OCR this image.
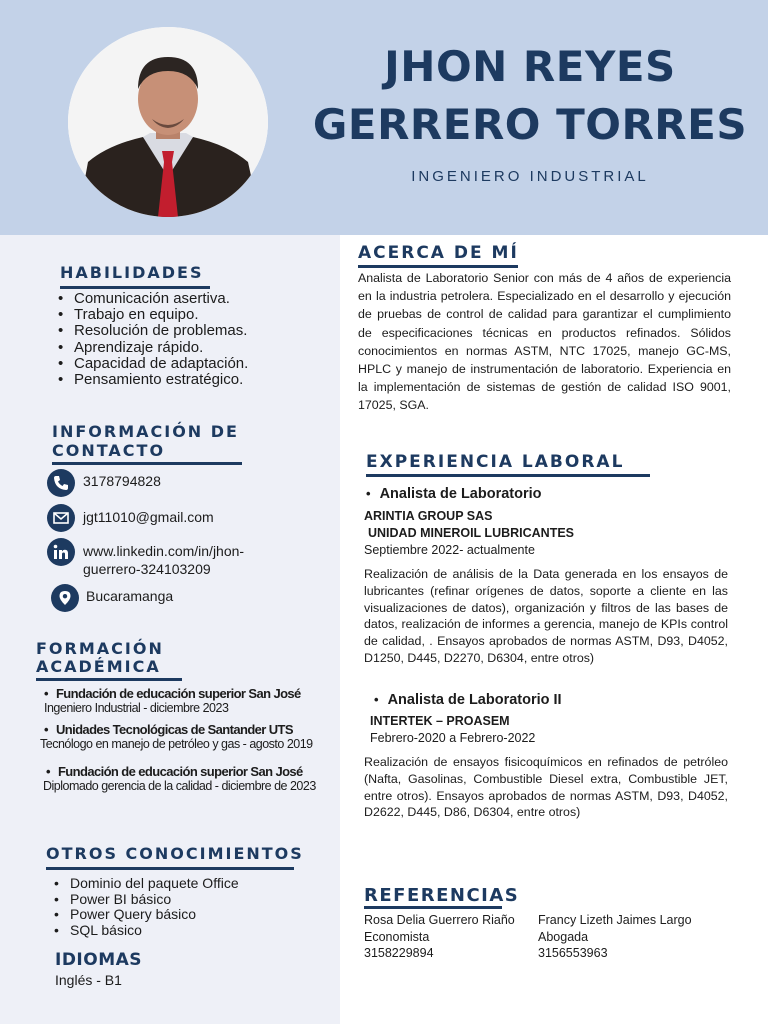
JHON REYES
GERRERO TORRES
INGENIERO INDUSTRIAL
HABILIDADES
• Comunicación asertiva.
• Trabajo en equipo.
• Resolución de problemas.
• Aprendizaje rápido.
• Capacidad de adaptación.
• Pensamiento estratégico.
INFORMACIÓN DE
CONTACTO
3178794828
jgt11010@gmail.com
www.linkedin.com/in/jhon-
guerrero-324103209
Bucaramanga
FORMACIÓN
ACADÉMICA
• Fundación de educación superior San José
Ingeniero Industrial - diciembre 2023
• Unidades Tecnológicas de Santander UTS
Tecnólogo en manejo de petróleo y gas - agosto 2019
• Fundación de educación superior San José
Diplomado gerencia de la calidad - diciembre de 2023
OTROS CONOCIMIENTOS
• Dominio del paquete Office
• Power BI básico
• Power Query básico
• SQL básico
IDIOMAS
Inglés - B1
ACERCA DE MÍ
Analista de Laboratorio Senior con más de 4 años de experiencia en la industria petrolera. Especializado en el desarrollo y ejecución de pruebas de control de calidad para garantizar el cumplimiento de especificaciones técnicas en productos refinados. Sólidos conocimientos en normas ASTM, NTC 17025, manejo GC-MS, HPLC y manejo de instrumentación de laboratorio. Experiencia en la implementación de sistemas de gestión de calidad ISO 9001, 17025, SGA.
EXPERIENCIA LABORAL
• Analista de Laboratorio
ARINTIA GROUP SAS
UNIDAD MINEROIL LUBRICANTES
Septiembre 2022- actualmente
Realización de análisis de la Data generada en los ensayos de lubricantes (refinar orígenes de datos, soporte a cliente en las visualizaciones de datos), organización y filtros de las bases de datos, realización de informes a gerencia, manejo de KPIs control de calidad, . Ensayos aprobados de normas ASTM, D93, D4052, D1250, D445, D2270, D6304, entre otros)
• Analista de Laboratorio II
INTERTEK – PROASEM
Febrero-2020 a Febrero-2022
Realización de ensayos fisicoquímicos en refinados de petróleo (Nafta, Gasolinas, Combustible Diesel extra, Combustible JET, entre otros). Ensayos aprobados de normas ASTM, D93, D4052, D2622, D445, D86, D6304, entre otros)
REFERENCIAS
Rosa Delia Guerrero Riaño
Economista
3158229894
Francy Lizeth Jaimes Largo
Abogada
3156553963
